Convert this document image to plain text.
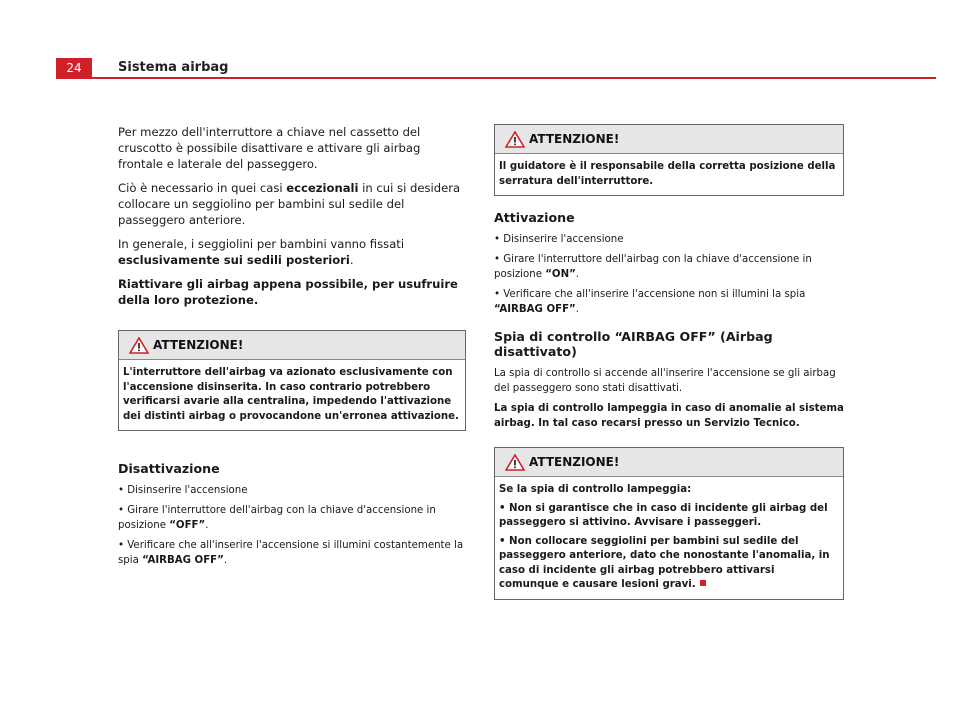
24	Sistema airbag

Per mezzo dell'interruttore a chiave nel cassetto del cruscotto è possibile disattivare e attivare gli airbag frontale e laterale del passeggero.

Ciò è necessario in quei casi eccezionali in cui si desidera collocare un seggiolino per bambini sul sedile del passeggero anteriore.

In generale, i seggiolini per bambini vanno fissati esclusivamente sui sedili posteriori.

Riattivare gli airbag appena possibile, per usufruire della loro protezione.

ATTENZIONE!
L'interruttore dell'airbag va azionato esclusivamente con l'accensione disinserita. In caso contrario potrebbero verificarsi avarie alla centralina, impedendo l'attivazione dei distinti airbag o provocandone un'erronea attivazione.
Disattivazione

• Disinserire l'accensione

• Girare l'interruttore dell'airbag con la chiave d'accensione in posizione “OFF”.

• Verificare che all'inserire l'accensione si illumini costantemente la spia “AIRBAG OFF”.

ATTENZIONE!
Il guidatore è il responsabile della corretta posizione della serratura dell'interruttore.
Attivazione

• Disinserire l'accensione

• Girare l'interruttore dell'airbag con la chiave d'accensione in posizione “ON”.

• Verificare che all'inserire l'accensione non si illumini la spia “AIRBAG OFF”.

Spia di controllo “AIRBAG OFF” (Airbag disattivato)

La spia di controllo si accende all'inserire l'accensione se gli airbag del passeggero sono stati disattivati.

La spia di controllo lampeggia in caso di anomalie al sistema airbag. In tal caso recarsi presso un Servizio Tecnico.

ATTENZIONE!
Se la spia di controllo lampeggia:
• Non si garantisce che in caso di incidente gli airbag del passeggero si attivino. Avvisare i passeggeri.
• Non collocare seggiolini per bambini sul sedile del passeggero anteriore, dato che nonostante l'anomalia, in caso di incidente gli airbag potrebbero attivarsi comunque e causare lesioni gravi.
